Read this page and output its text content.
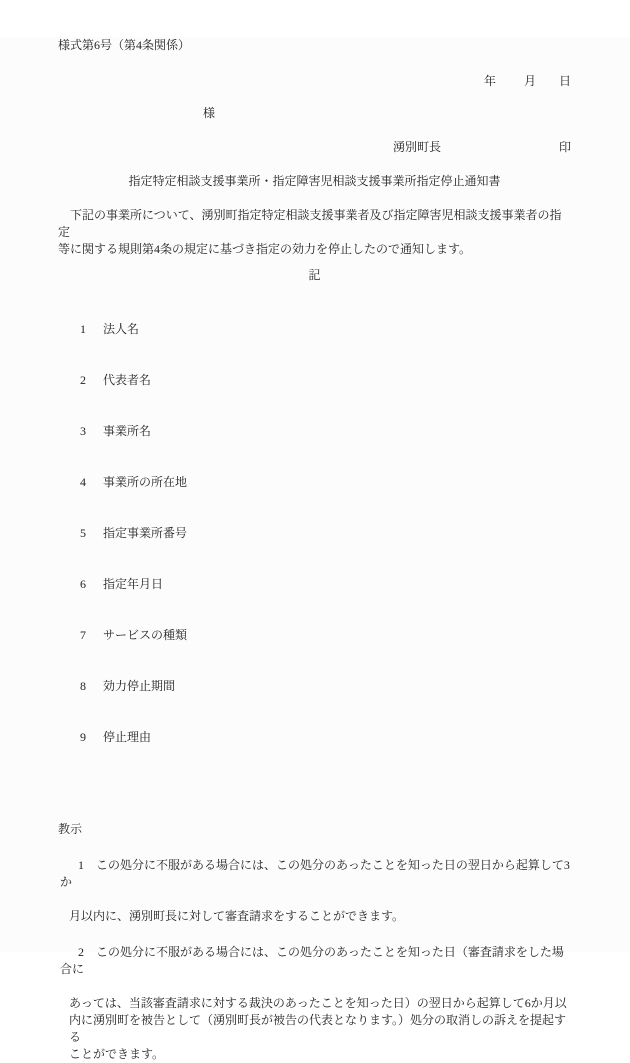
様式第6号（第4条関係）
年 月 日
様
湧別町長	印
指定特定相談支援事業所・指定障害児相談支援事業所指定停止通知書
　下記の事業所について、湧別町指定特定相談支援事業者及び指定障害児相談支援事業者の指定
等に関する規則第4条の規定に基づき指定の効力を停止したので通知します。
記

1 法人名

2 代表者名

3 事業所名

4 事業所の所在地

5 指定事業所番号

6 指定年月日

7 サービスの種類

8 効力停止期間

9 停止理由

教示

1 この処分に不服がある場合には、この処分のあったことを知った日の翌日から起算して3か

月以内に、湧別町長に対して審査請求をすることができます。

2 この処分に不服がある場合には、この処分のあったことを知った日（審査請求をした場合に

あっては、当該審査請求に対する裁決のあったことを知った日）の翌日から起算して6か月以
内に湧別町を被告として（湧別町長が被告の代表となります。）処分の取消しの訴えを提起する
ことができます。
